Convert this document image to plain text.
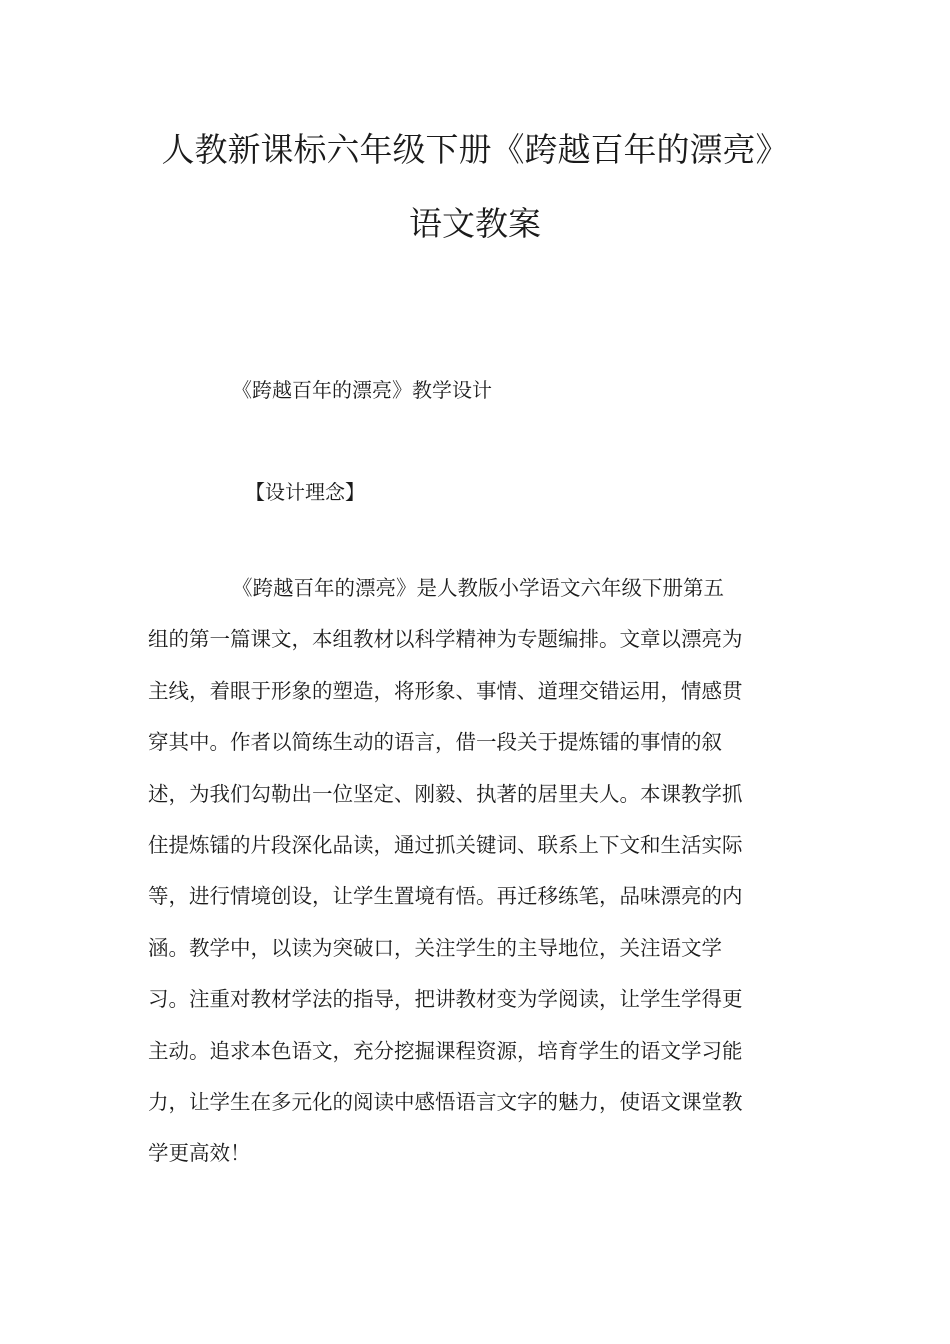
人教新课标六年级下册《跨越百年的漂亮》
语文教案
《跨越百年的漂亮》教学设计
【设计理念】
《跨越百年的漂亮》是人教版小学语文六年级下册第五
组的第一篇课文，本组教材以科学精神为专题编排。文章以漂亮为
主线，着眼于形象的塑造，将形象、事情、道理交错运用，情感贯
穿其中。作者以简练生动的语言，借一段关于提炼镭的事情的叙
述，为我们勾勒出一位坚定、刚毅、执著的居里夫人。本课教学抓
住提炼镭的片段深化品读，通过抓关键词、联系上下文和生活实际
等，进行情境创设，让学生置境有悟。再迁移练笔，品味漂亮的内
涵。教学中，以读为突破口，关注学生的主导地位，关注语文学
习。注重对教材学法的指导，把讲教材变为学阅读，让学生学得更
主动。追求本色语文，充分挖掘课程资源，培育学生的语文学习能
力，让学生在多元化的阅读中感悟语言文字的魅力，使语文课堂教
学更高效！
